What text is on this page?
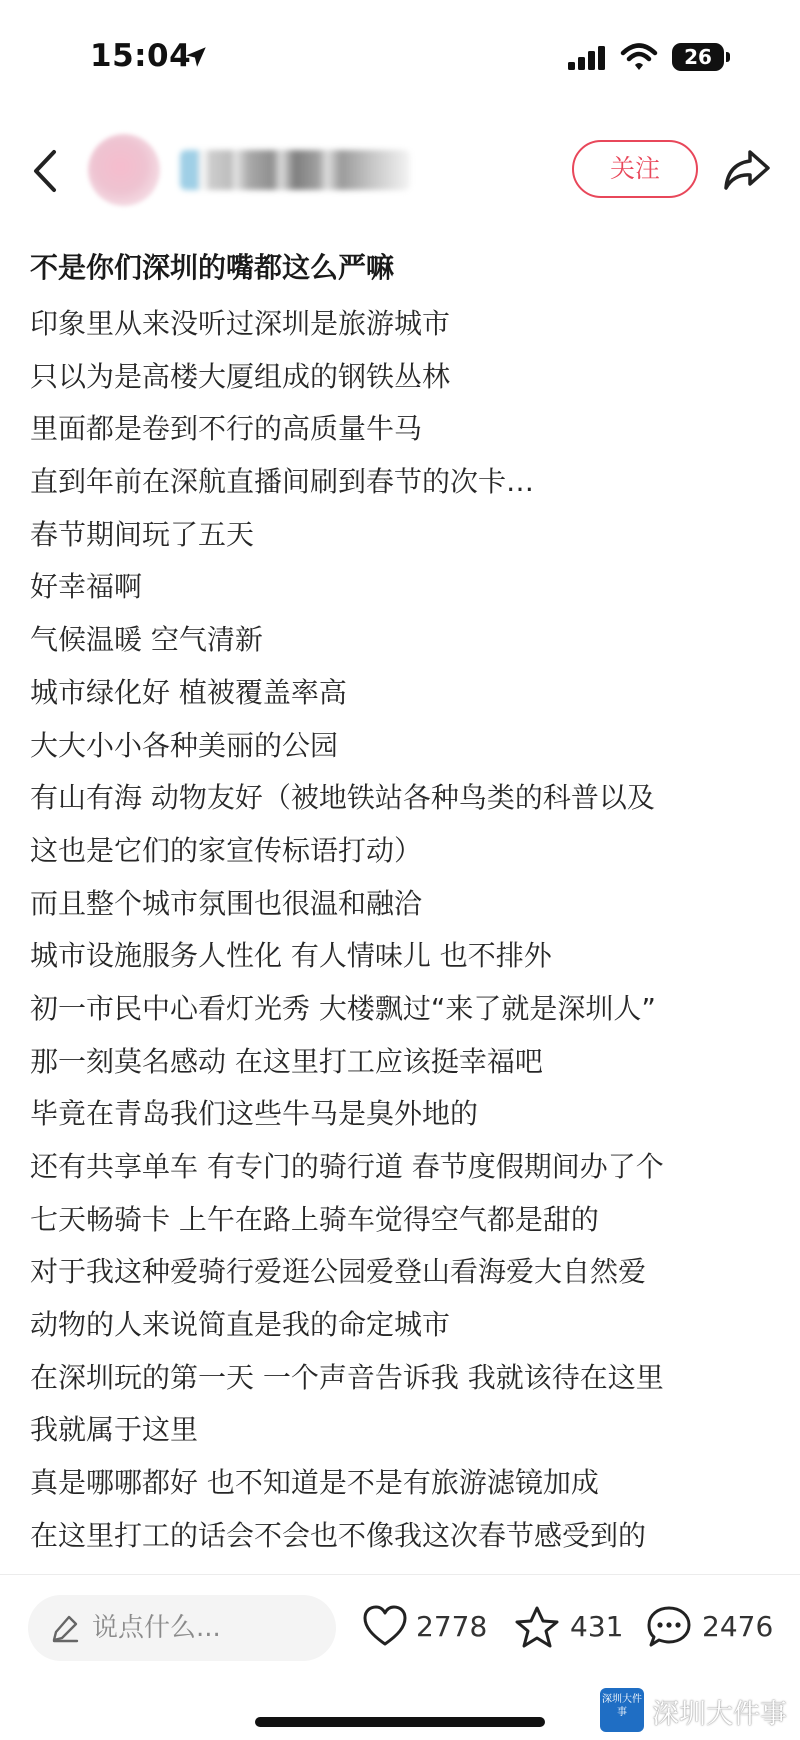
15:04	26
关注
不是你们深圳的嘴都这么严嘛
印象里从来没听过深圳是旅游城市
只以为是高楼大厦组成的钢铁丛林
里面都是卷到不行的高质量牛马
直到年前在深航直播间刷到春节的次卡…
春节期间玩了五天
好幸福啊
气候温暖 空气清新
城市绿化好 植被覆盖率高
大大小小各种美丽的公园
有山有海 动物友好（被地铁站各种鸟类的科普以及
这也是它们的家宣传标语打动）
而且整个城市氛围也很温和融洽
城市设施服务人性化 有人情味儿 也不排外
初一市民中心看灯光秀 大楼飘过“来了就是深圳人”
那一刻莫名感动 在这里打工应该挺幸福吧
毕竟在青岛我们这些牛马是臭外地的
还有共享单车 有专门的骑行道 春节度假期间办了个
七天畅骑卡 上午在路上骑车觉得空气都是甜的
对于我这种爱骑行爱逛公园爱登山看海爱大自然爱
动物的人来说简直是我的命定城市
在深圳玩的第一天 一个声音告诉我 我就该待在这里
我就属于这里
真是哪哪都好 也不知道是不是有旅游滤镜加成
在这里打工的话会不会也不像我这次春节感受到的
说点什么...	2778	431	2476
深圳大件事 深圳大件事
